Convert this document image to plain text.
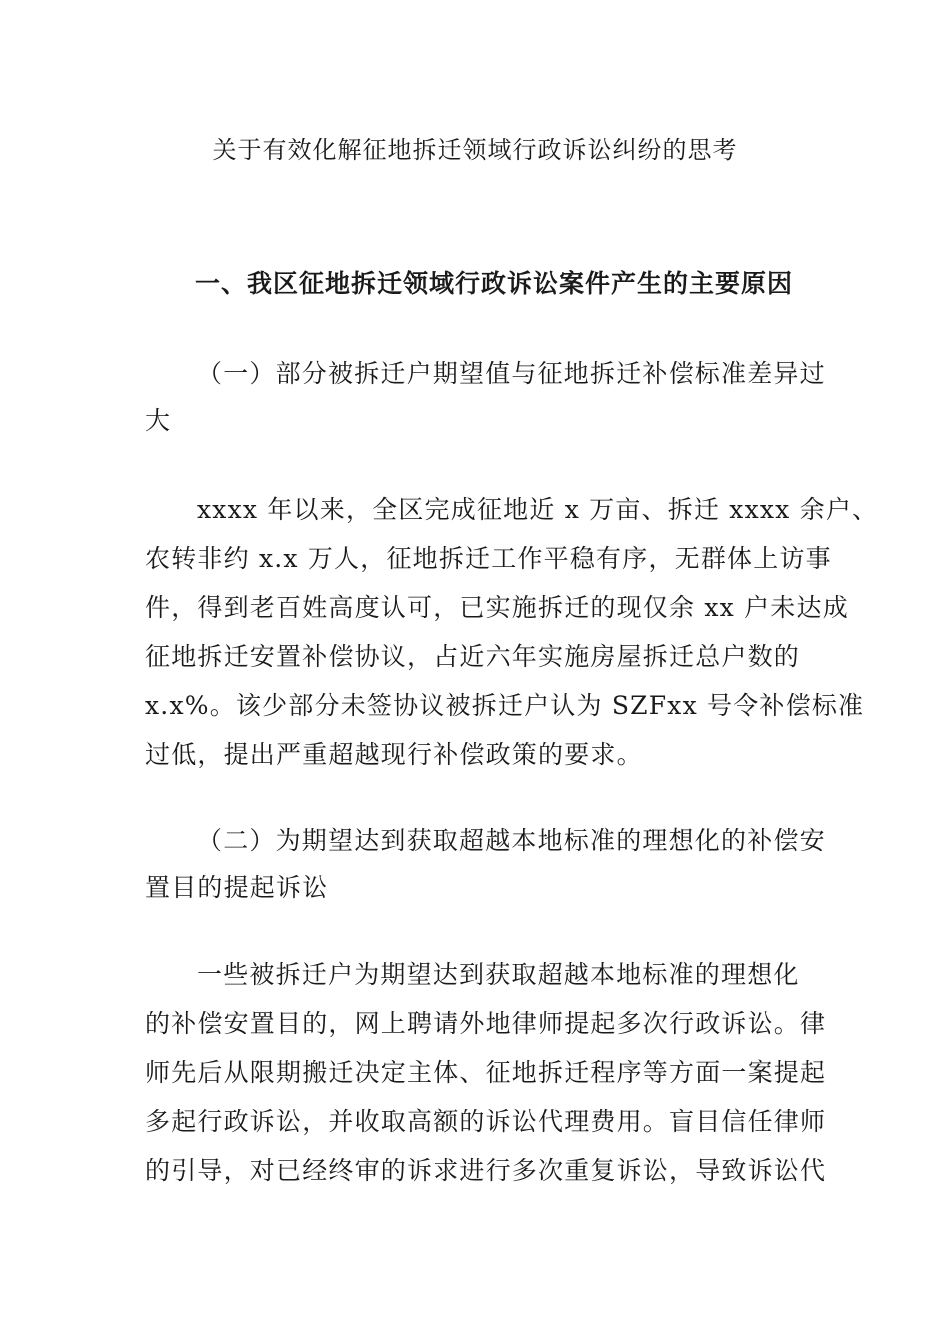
关于有效化解征地拆迁领域行政诉讼纠纷的思考
一、我区征地拆迁领域行政诉讼案件产生的主要原因
（一）部分被拆迁户期望值与征地拆迁补偿标准差异过
大
xxxx 年以来，全区完成征地近 x 万亩、拆迁 xxxx 余户、
农转非约 x.x 万人，征地拆迁工作平稳有序，无群体上访事
件，得到老百姓高度认可，已实施拆迁的现仅余 xx 户未达成
征地拆迁安置补偿协议，占近六年实施房屋拆迁总户数的
x.x%。该少部分未签协议被拆迁户认为 SZFxx 号令补偿标准
过低，提出严重超越现行补偿政策的要求。
（二）为期望达到获取超越本地标准的理想化的补偿安
置目的提起诉讼
一些被拆迁户为期望达到获取超越本地标准的理想化
的补偿安置目的，网上聘请外地律师提起多次行政诉讼。律
师先后从限期搬迁决定主体、征地拆迁程序等方面一案提起
多起行政诉讼，并收取高额的诉讼代理费用。盲目信任律师
的引导，对已经终审的诉求进行多次重复诉讼，导致诉讼代
